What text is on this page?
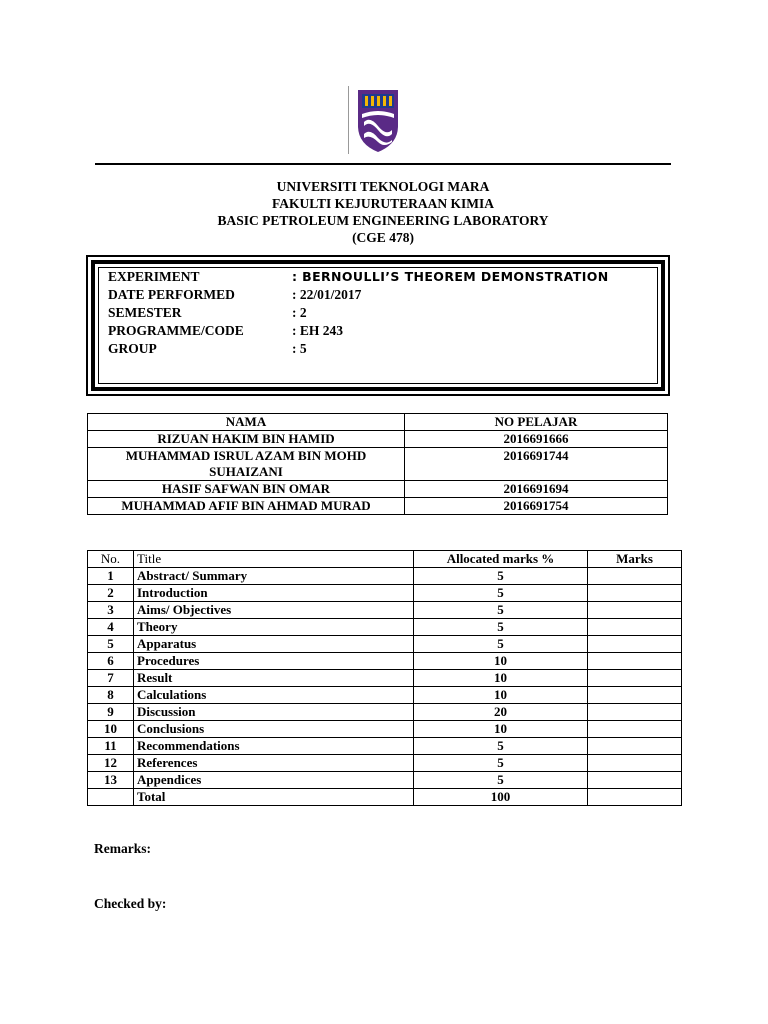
UNIVERSITI TEKNOLOGI MARA
FAKULTI KEJURUTERAAN KIMIA
BASIC PETROLEUM ENGINEERING LABORATORY
(CGE 478)
EXPERIMENT	: BERNOULLI’S THEOREM DEMONSTRATION
DATE PERFORMED	: 22/01/2017
SEMESTER	: 2
PROGRAMME/CODE	: EH 243
GROUP	: 5
NAMA	NO PELAJAR
RIZUAN HAKIM BIN HAMID	2016691666

MUHAMMAD ISRUL AZAM BIN MOHD
SUHAIZANI	2016691744
HASIF SAFWAN BIN OMAR	2016691694
MUHAMMAD AFIF BIN AHMAD MURAD	2016691754
No.	Title	Allocated marks %	Marks
1	Abstract/ Summary	5	
2	Introduction	5	
3	Aims/ Objectives	5	
4	Theory	5	
5	Apparatus	5	
6	Procedures	10	
7	Result	10	
8	Calculations	10	
9	Discussion	20	
10	Conclusions	10	
11	Recommendations	5	
12	References	5	
13	Appendices	5	
	Total	100	
Remarks:
Checked by:
